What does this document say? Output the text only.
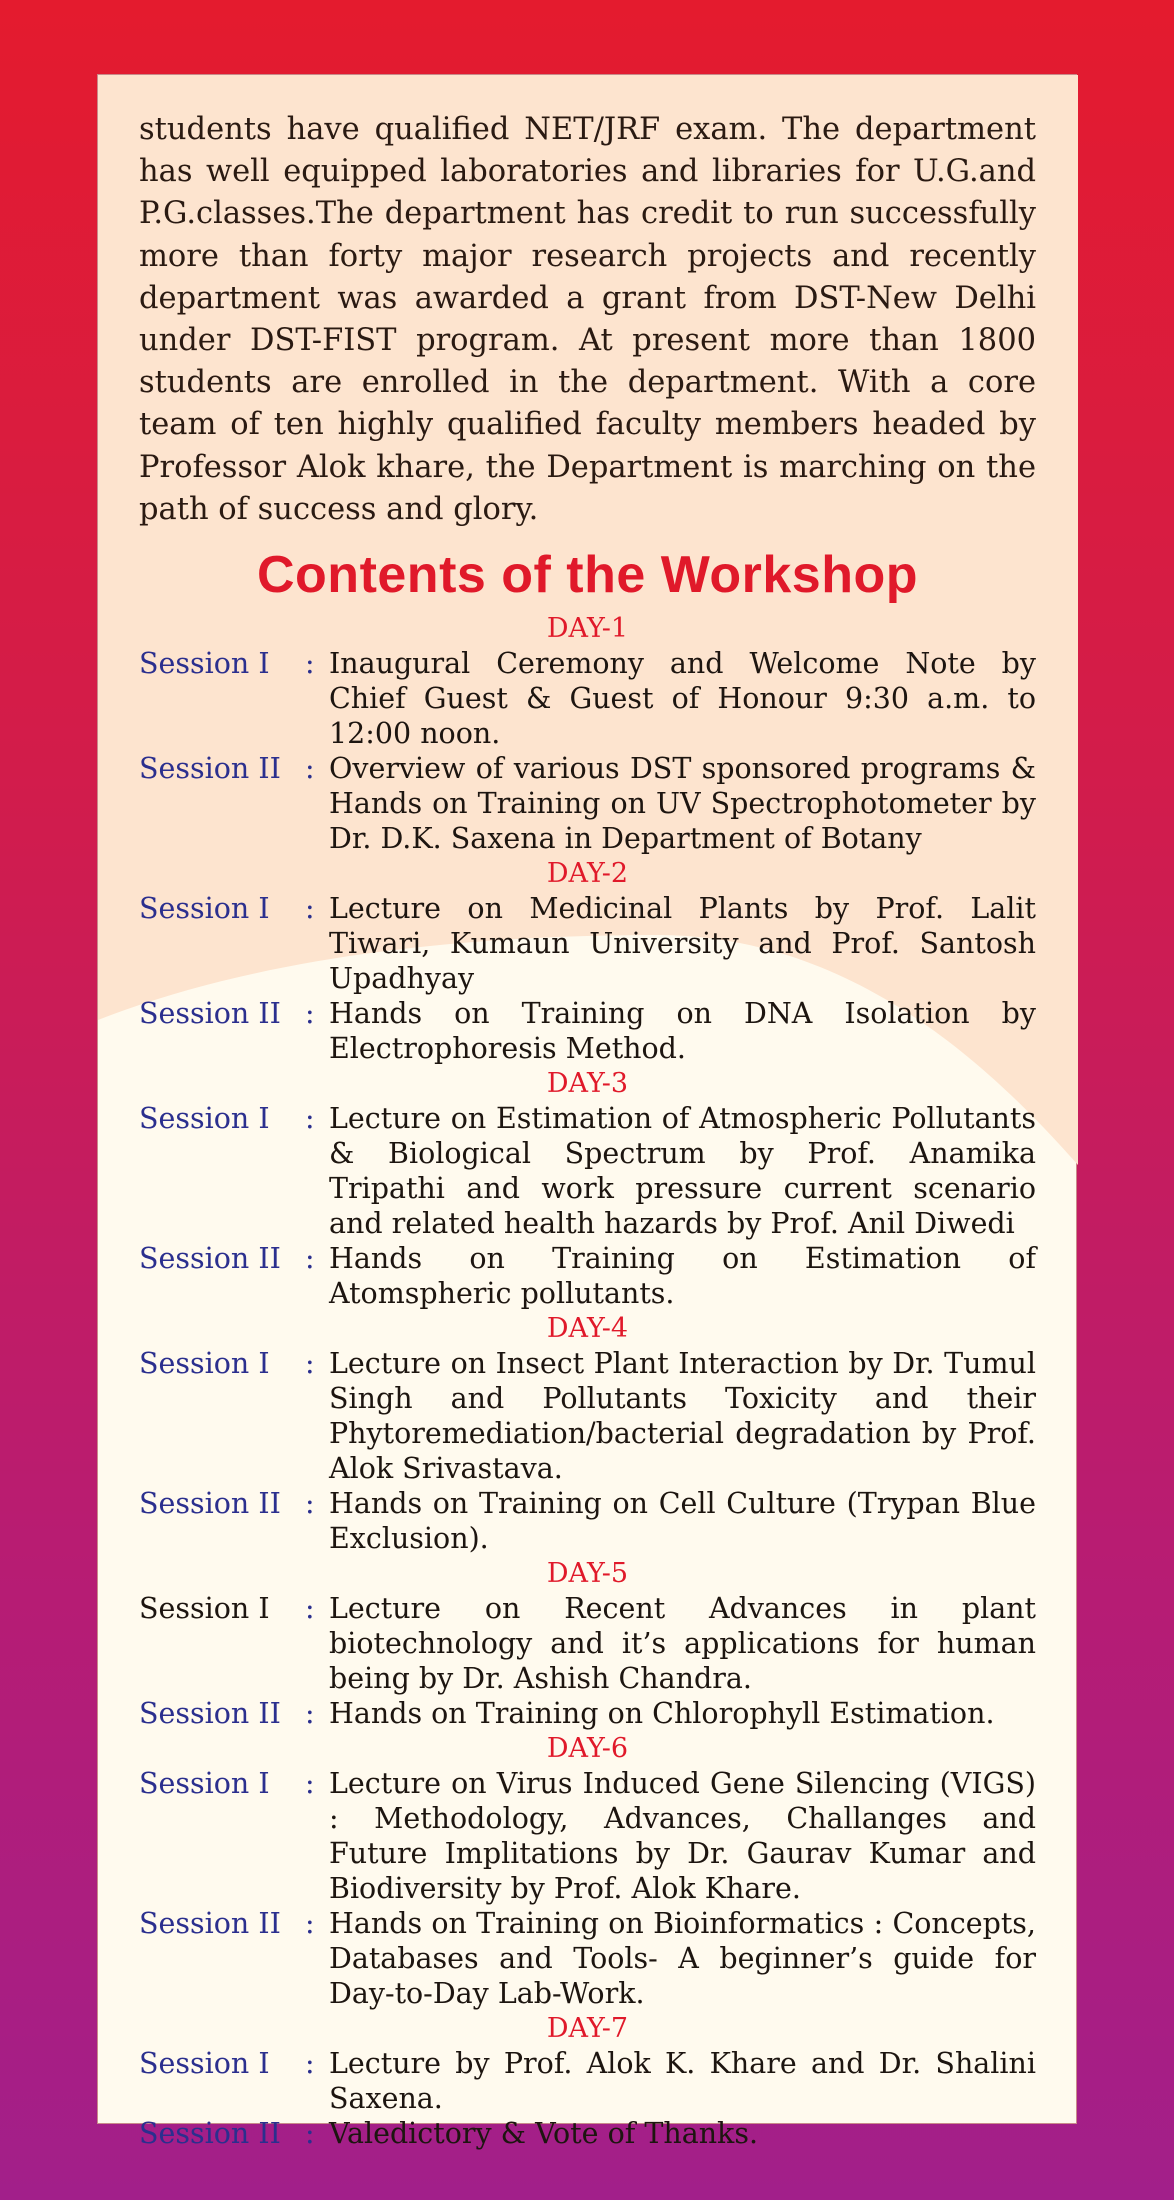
students have qualified NET/JRF exam. The department has well equipped laboratories and libraries for U.G.and P.G.classes.The department has credit to run successfully more than forty major research projects and recently department was awarded a grant from DST-New Delhi under DST-FIST program. At present more than 1800 students are enrolled in the department. With a core team of ten highly qualified faculty members headed by Professor Alok khare, the Department is marching on the path of success and glory.

Contents of the Workshop
DAY-1
Session I	: Inaugural Ceremony and Welcome Note by Chief Guest & Guest of Honour 9:30 a.m. to 12:00 noon.
Session II : Overview of various DST sponsored programs & Hands on Training on UV Spectrophotometer by Dr. D.K. Saxena in Department of Botany
DAY-2
Session I	: Lecture on Medicinal Plants by Prof. Lalit Tiwari, Kumaun University and Prof. Santosh Upadhyay
Session II : Hands on Training on DNA Isolation by Electrophoresis Method.
DAY-3
Session I	: Lecture on Estimation of Atmospheric Pollutants & Biological Spectrum by Prof. Anamika Tripathi and work pressure current scenario and related health hazards by Prof. Anil Diwedi
Session II : Hands on Training on Estimation of Atomspheric pollutants.
DAY-4
Session I	: Lecture on Insect Plant Interaction by Dr. Tumul Singh and Pollutants Toxicity and their Phytoremediation/bacterial degradation by Prof. Alok Srivastava.
Session II : Hands on Training on Cell Culture (Trypan Blue Exclusion).
DAY-5
Session I	: Lecture on Recent Advances in plant biotechnology and it’s applications for human being by Dr. Ashish Chandra.
Session II : Hands on Training on Chlorophyll Estimation.
DAY-6
Session I	: Lecture on Virus Induced Gene Silencing (VIGS) : Methodology, Advances, Challanges and Future Implitations by Dr. Gaurav Kumar and Biodiversity by Prof. Alok Khare.
Session II : Hands on Training on Bioinformatics : Concepts, Databases and Tools- A beginner’s guide for Day-to-Day Lab-Work.
DAY-7
Session I	: Lecture by Prof. Alok K. Khare and Dr. Shalini Saxena.
Session II : Valedictory & Vote of Thanks.
